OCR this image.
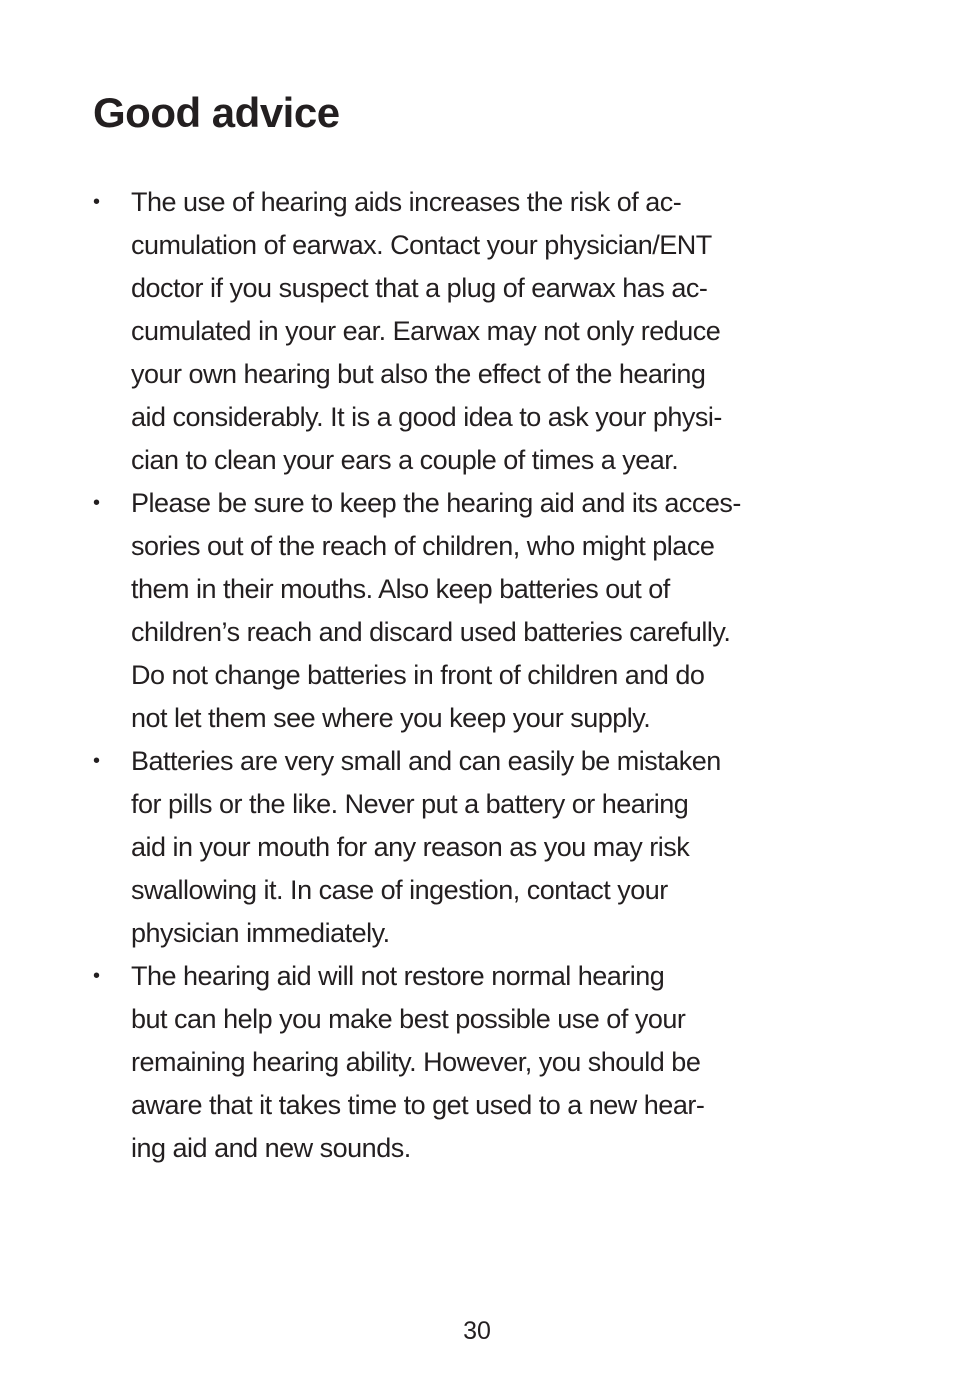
Good advice
• The use of hearing aids increases the risk of ac-
cumulation of earwax. Contact your physician/ENT
doctor if you suspect that a plug of earwax has ac-
cumulated in your ear. Earwax may not only reduce
your own hearing but also the effect of the hearing
aid considerably. It is a good idea to ask your physi-
cian to clean your ears a couple of times a year.
• Please be sure to keep the hearing aid and its acces-
sories out of the reach of children, who might place
them in their mouths. Also keep batteries out of
children’s reach and discard used batteries carefully.
Do not change batteries in front of children and do
not let them see where you keep your supply.
• Batteries are very small and can easily be mistaken
for pills or the like. Never put a battery or hearing
aid in your mouth for any reason as you may risk
swallowing it. In case of ingestion, contact your
physician immediately.
• The hearing aid will not restore normal hearing
but can help you make best possible use of your
remaining hearing ability. However, you should be
aware that it takes time to get used to a new hear-
ing aid and new sounds.
30
